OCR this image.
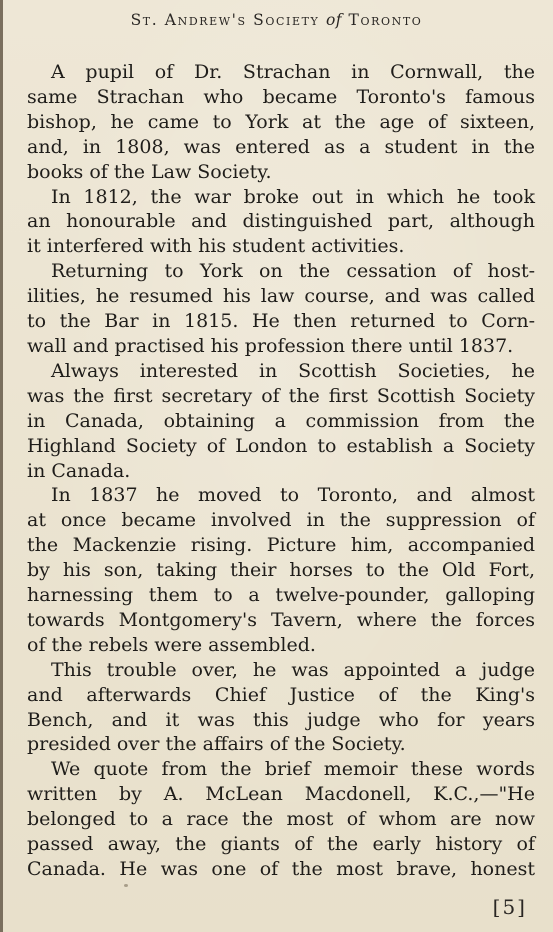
St. Andrew's Society of Toronto
A pupil of Dr. Strachan in Cornwall, the
same Strachan who became Toronto's famous
bishop, he came to York at the age of sixteen,
and, in 1808, was entered as a student in the
books of the Law Society.
In 1812, the war broke out in which he took
an honourable and distinguished part, although
it interfered with his student activities.
Returning to York on the cessation of host-
ilities, he resumed his law course, and was called
to the Bar in 1815. He then returned to Corn-
wall and practised his profession there until 1837.
Always interested in Scottish Societies, he
was the first secretary of the first Scottish Society
in Canada, obtaining a commission from the
Highland Society of London to establish a Society
in Canada.
In 1837 he moved to Toronto, and almost
at once became involved in the suppression of
the Mackenzie rising. Picture him, accompanied
by his son, taking their horses to the Old Fort,
harnessing them to a twelve-pounder, galloping
towards Montgomery's Tavern, where the forces
of the rebels were assembled.
This trouble over, he was appointed a judge
and afterwards Chief Justice of the King's
Bench, and it was this judge who for years
presided over the affairs of the Society.
We quote from the brief memoir these words
written by A. McLean Macdonell, K.C.,—"He
belonged to a race the most of whom are now
passed away, the giants of the early history of
Canada. He was one of the most brave, honest
[5]
